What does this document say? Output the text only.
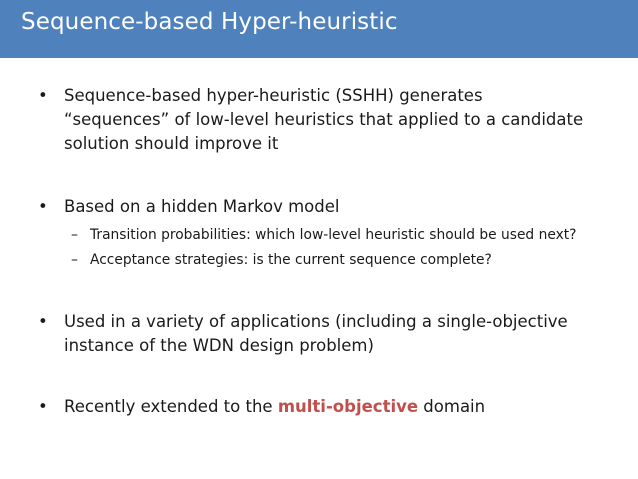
Sequence-based Hyper-heuristic
• Sequence-based hyper-heuristic (SSHH) generates
“sequences” of low-level heuristics that applied to a candidate
solution should improve it
• Based on a hidden Markov model
– Transition probabilities: which low-level heuristic should be used next?
– Acceptance strategies: is the current sequence complete?
• Used in a variety of applications (including a single-objective
instance of the WDN design problem)
• Recently extended to the multi-objective domain
